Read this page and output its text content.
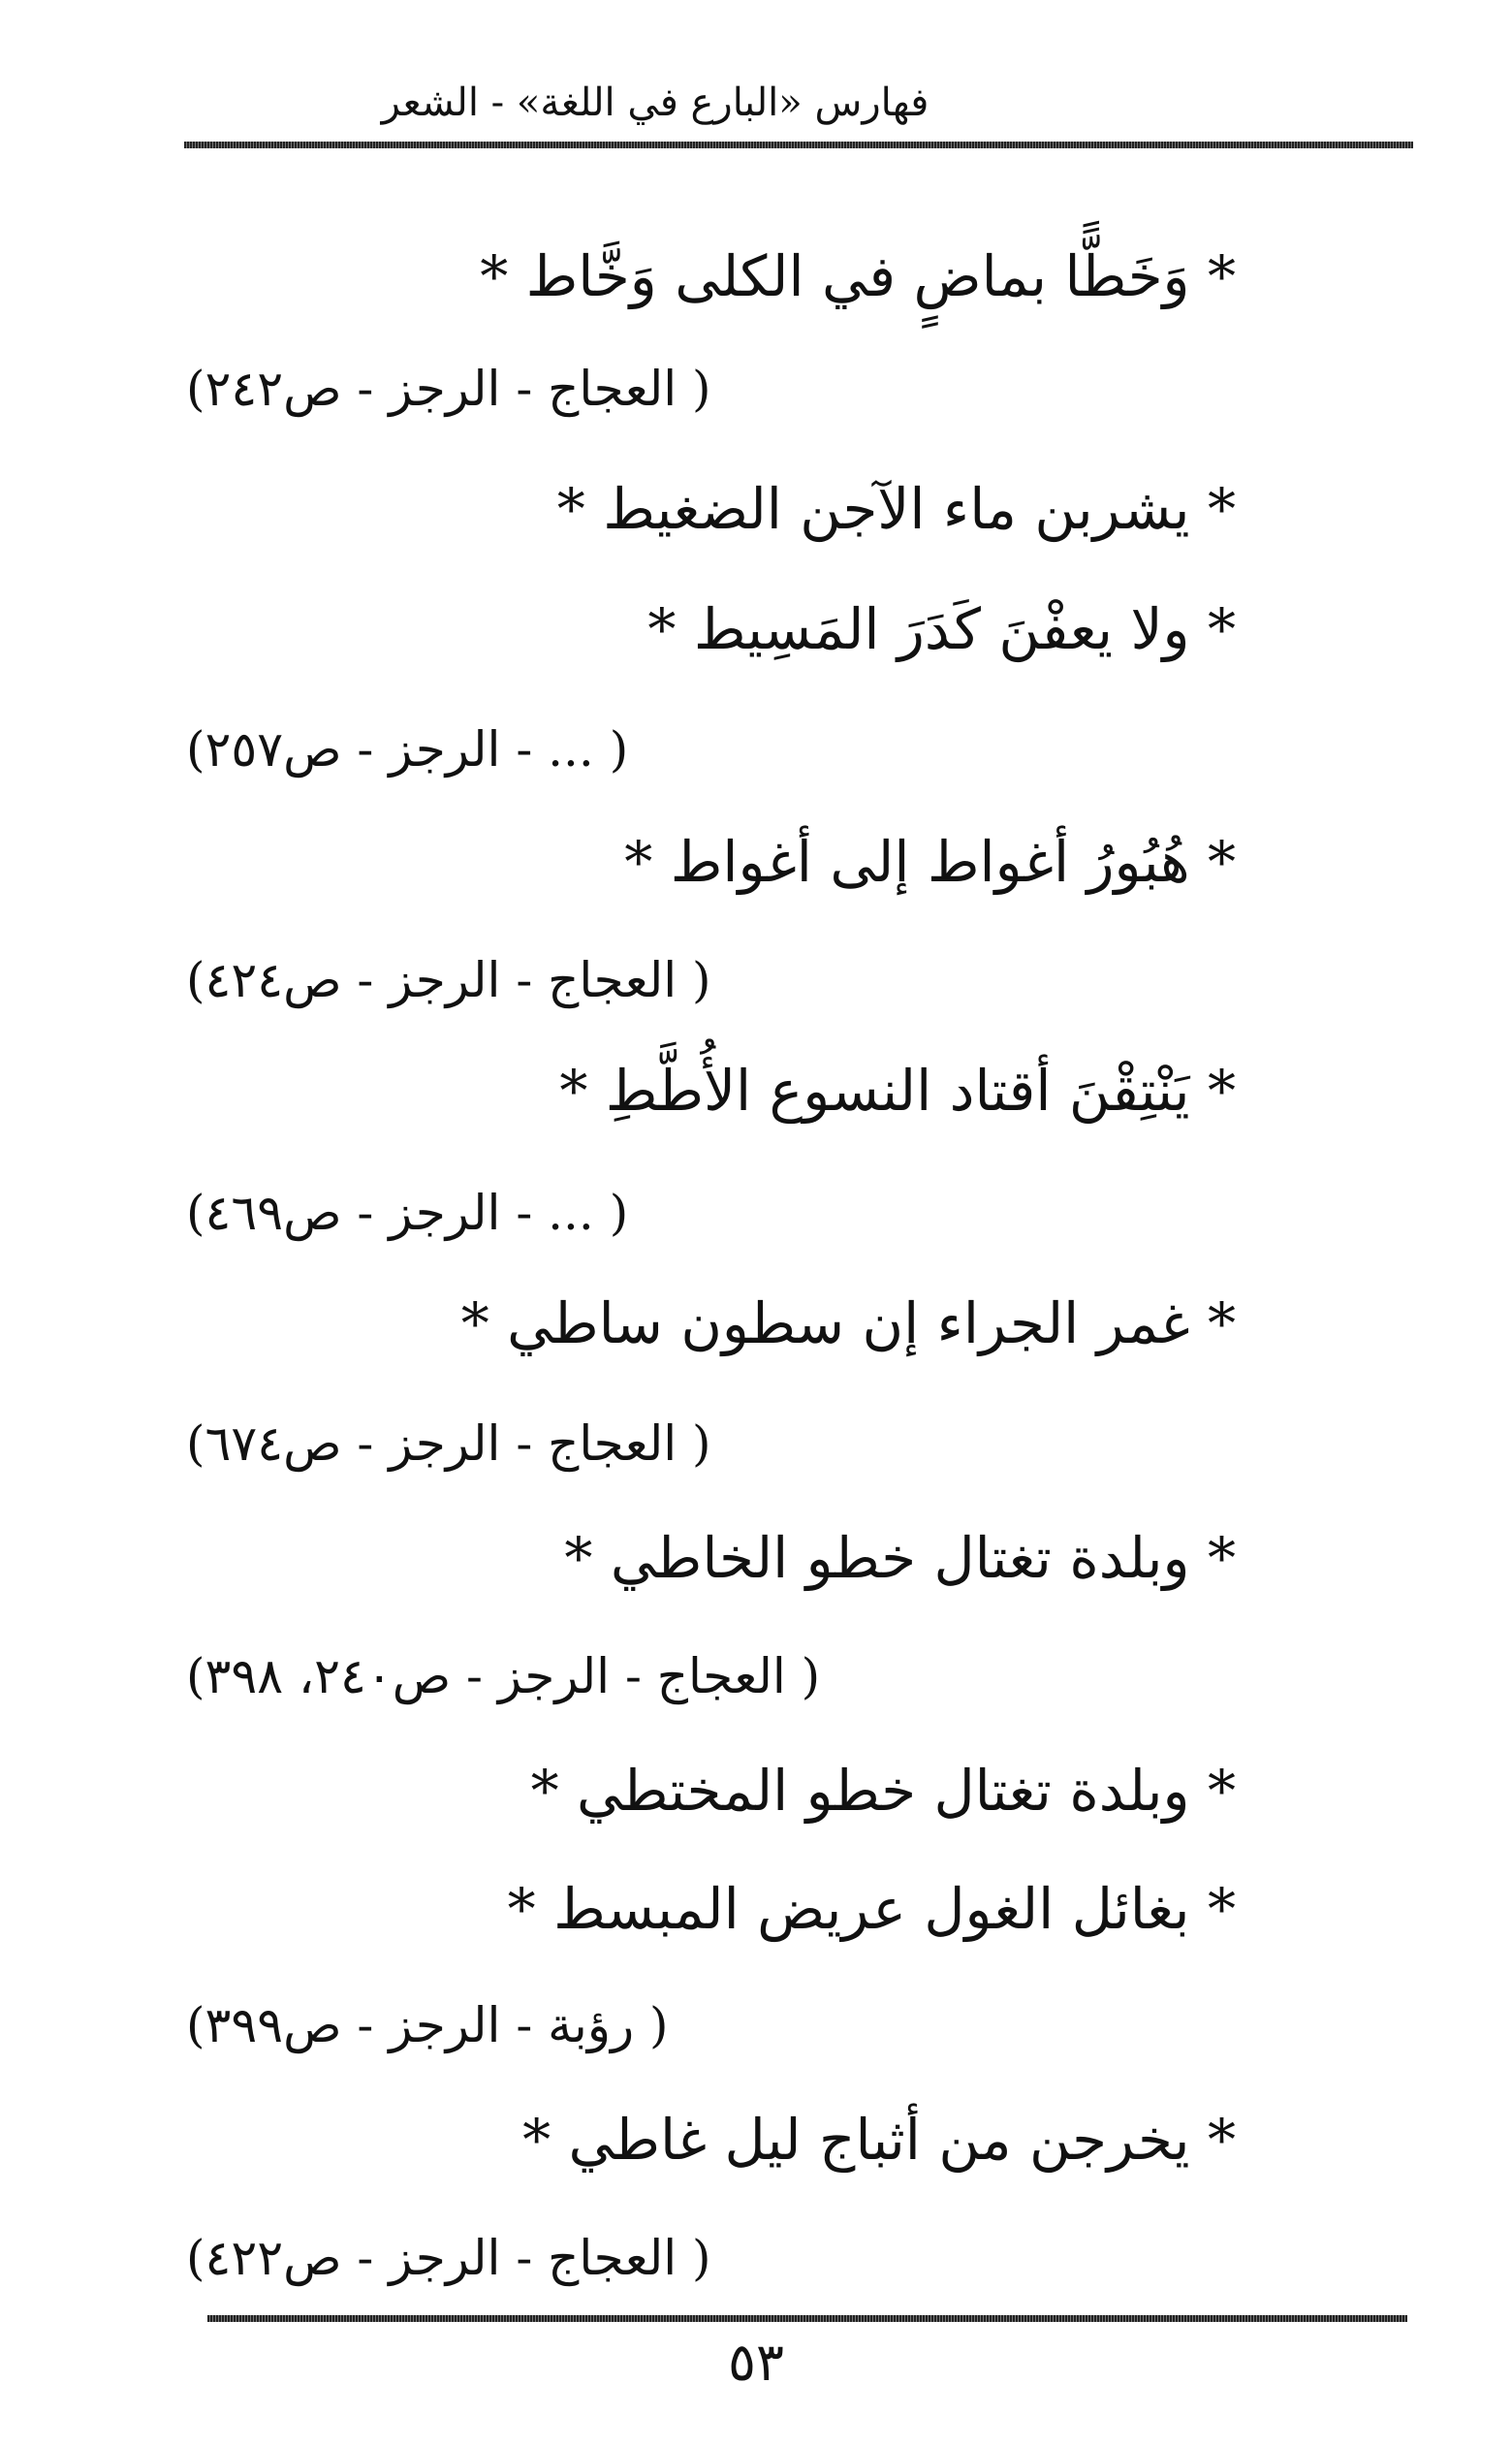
فهارس «البارع في اللغة» - الشعر
* وَخَطًّا بماضٍ في الكلى وَخَّاط *
( العجاج - الرجز - ص٢٤٢)
* يشربن ماء الآجن الضغيط *
* ولا يعفْنَ كَدَرَ المَسِيط *
( ... - الرجز - ص٢٥٧)
* هُبُورُ أغواط إلى أغواط *
( العجاج - الرجز - ص٤٢٤)
* يَنْتِقْنَ أقتاد النسوع الأُطَّطِ *
( ... - الرجز - ص٤٦٩)
* غمر الجراء إن سطون ساطي *
( العجاج - الرجز - ص٦٧٤)
* وبلدة تغتال خطو الخاطي *
( العجاج - الرجز - ص٢٤٠، ٣٩٨)
* وبلدة تغتال خطو المختطي *
* بغائل الغول عريض المبسط *
( رؤبة - الرجز - ص٣٩٩)
* يخرجن من أثباج ليل غاطي *
( العجاج - الرجز - ص٤٢٢)
٥٣
